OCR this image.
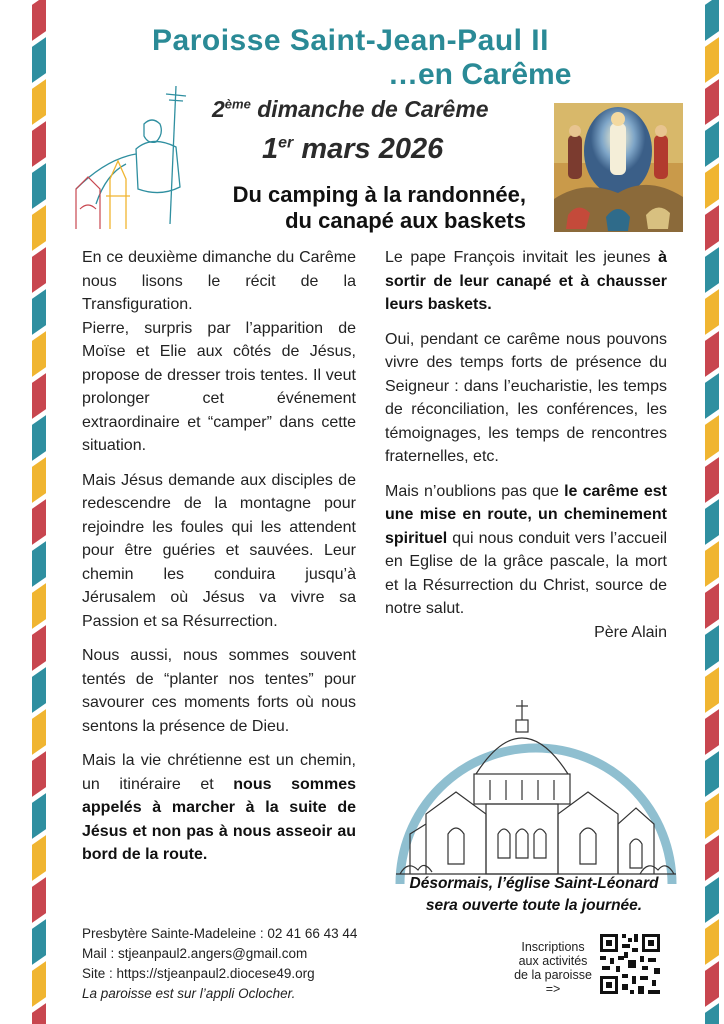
Paroisse Saint-Jean-Paul II
…en Carême
2ème dimanche de Carême
1er mars 2026
Du camping à la randonnée,
du canapé aux baskets

En ce deuxième dimanche du Carême nous lisons le récit de la Transfiguration.

Pierre, surpris par l’apparition de Moïse et Elie aux côtés de Jésus, propose de dresser trois tentes. Il veut prolonger cet événement extraordinaire et “camper” dans cette situation.

Mais Jésus demande aux disciples de redescendre de la montagne pour rejoindre les foules qui les attendent pour être guéries et sauvées. Leur chemin les conduira jusqu’à Jérusalem où Jésus va vivre sa Passion et sa Résurrection.

Nous aussi, nous sommes souvent tentés de “planter nos tentes” pour savourer ces moments forts où nous sentons la présence de Dieu.

Mais la vie chrétienne est un chemin, un itinéraire et nous sommes appelés à marcher à la suite de Jésus et non pas à nous asseoir au bord de la route.

Le pape François invitait les jeunes à sortir de leur canapé et à chausser leurs baskets.

Oui, pendant ce carême nous pouvons vivre des temps forts de présence du Seigneur : dans l’eucharistie, les temps de réconciliation, les conférences, les témoignages, les temps de rencontres fraternelles, etc.

Mais n’oublions pas que le carême est une mise en route, un cheminement spirituel qui nous conduit vers l’accueil en Eglise de la grâce pascale, la mort et la Résurrection du Christ, source de notre salut.

Père Alain

Désormais, l’église Saint-Léonard
sera ouverte toute la journée.
Presbytère Sainte-Madeleine : 02 41 66 43 44
Mail : stjeanpaul2.angers@gmail.com
Site : https://stjeanpaul2.diocese49.org
La paroisse est sur l’appli Oclocher.
Inscriptions
aux activités
de la paroisse
=>
